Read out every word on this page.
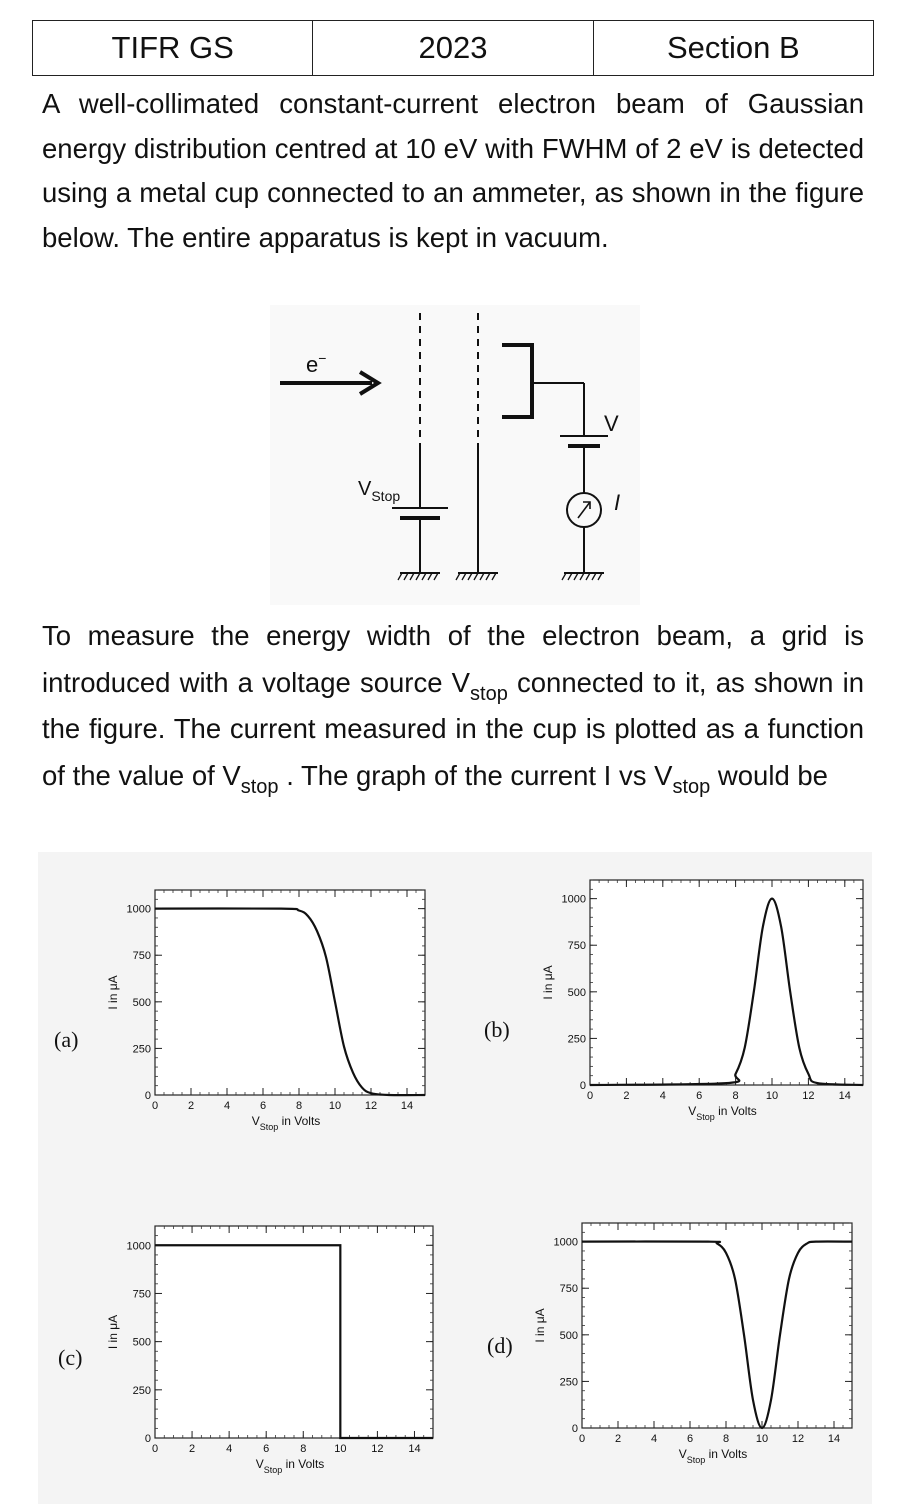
TIFR GS	2023	Section B

A well-collimated constant-current electron beam of Gaussian energy distribution centred at 10 eV with FWHM of 2 eV is detected using a metal cup connected to an ammeter, as shown in the figure below. The entire apparatus is kept in vacuum.

e−
$V_{Stop}$
V
I

To measure the energy width of the electron beam, a grid is introduced with a voltage source $V_{stop}$ connected to it, as shown in the figure. The current measured in the cup is plotted as a function of the value of $V_{stop}$ . The graph of the current I vs $V_{stop}$ would be

(a)	(b)
(c)	(d)
0	2	4	6	8 10 12 14
0
250
500
750
1000
I in μA
$V_{Stop}$ in Volts
0	2	4	6	8 10 12 14
0
250
500
750
1000
I in μA
$V_{Stop}$ in Volts
0	2	4	6	8	10 12 14
0
250
500
750
1000
I in μA
$V_{Stop}$ in Volts
0	2	4	6	8 10 12 14
0
250
500
750
1000
I in μA
$V_{Stop}$ in Volts
